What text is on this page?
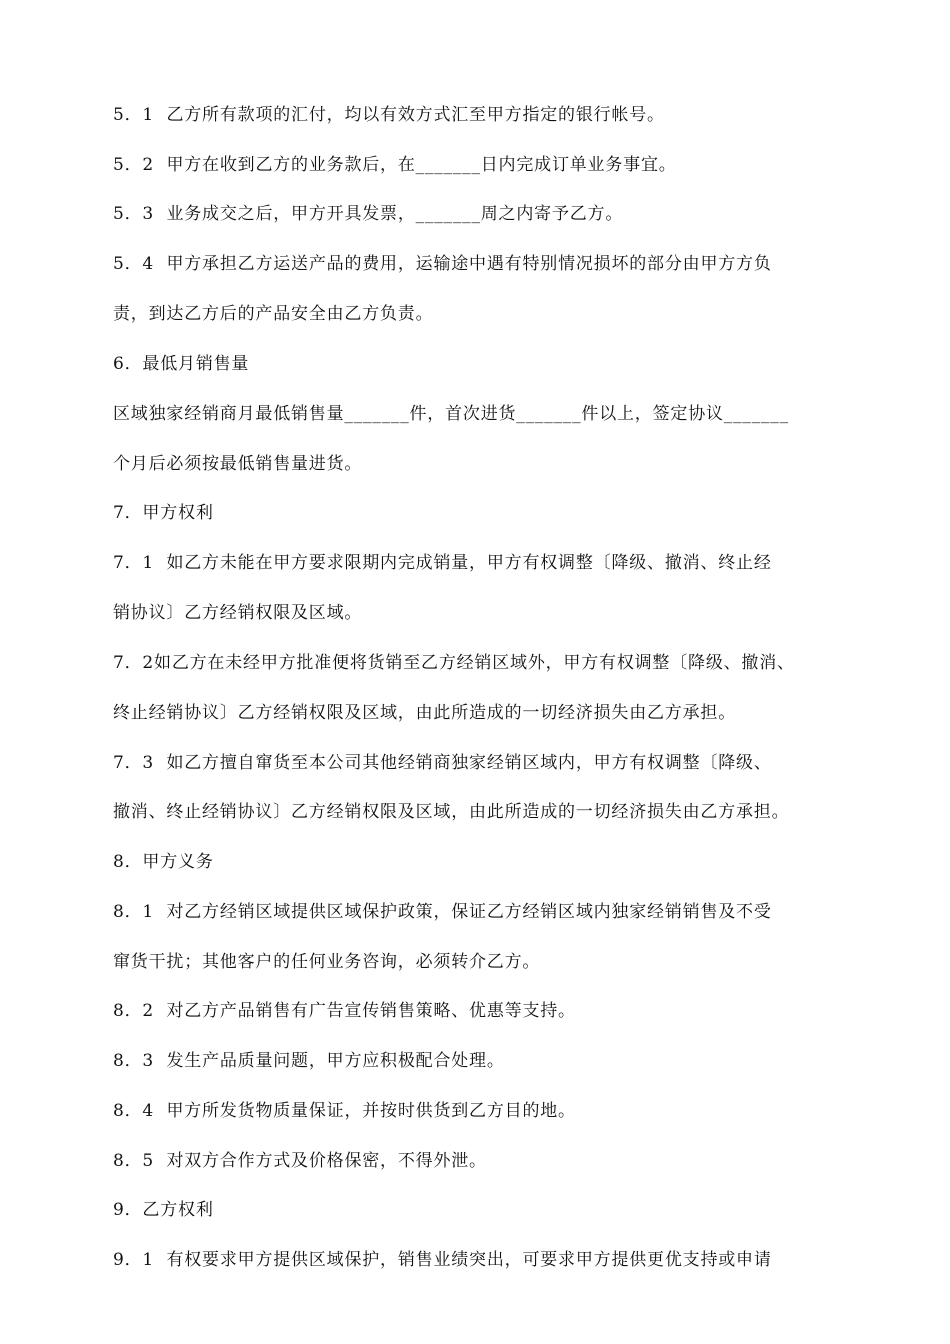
5．1  乙方所有款项的汇付，均以有效方式汇至甲方指定的银行帐号。
5．2  甲方在收到乙方的业务款后，在_______日内完成订单业务事宜。
5．3  业务成交之后，甲方开具发票，_______周之内寄予乙方。
5．4  甲方承担乙方运送产品的费用，运输途中遇有特别情况损坏的部分由甲方方负
责，到达乙方后的产品安全由乙方负责。
6．最低月销售量
区域独家经销商月最低销售量_______件，首次进货_______件以上，签定协议_______
个月后必须按最低销售量进货。
7．甲方权利
7．1  如乙方未能在甲方要求限期内完成销量，甲方有权调整〔降级、撤消、终止经
销协议〕乙方经销权限及区域。
7．2如乙方在未经甲方批准便将货销至乙方经销区域外，甲方有权调整〔降级、撤消、
终止经销协议〕乙方经销权限及区域，由此所造成的一切经济损失由乙方承担。
7．3  如乙方擅自窜货至本公司其他经销商独家经销区域内，甲方有权调整〔降级、
撤消、终止经销协议〕乙方经销权限及区域，由此所造成的一切经济损失由乙方承担。
8．甲方义务
8．1  对乙方经销区域提供区域保护政策，保证乙方经销区域内独家经销销售及不受
窜货干扰；其他客户的任何业务咨询，必须转介乙方。
8．2  对乙方产品销售有广告宣传销售策略、优惠等支持。
8．3  发生产品质量问题，甲方应积极配合处理。
8．4  甲方所发货物质量保证，并按时供货到乙方目的地。
8．5  对双方合作方式及价格保密，不得外泄。
9．乙方权利
9．1  有权要求甲方提供区域保护，销售业绩突出，可要求甲方提供更优支持或申请
